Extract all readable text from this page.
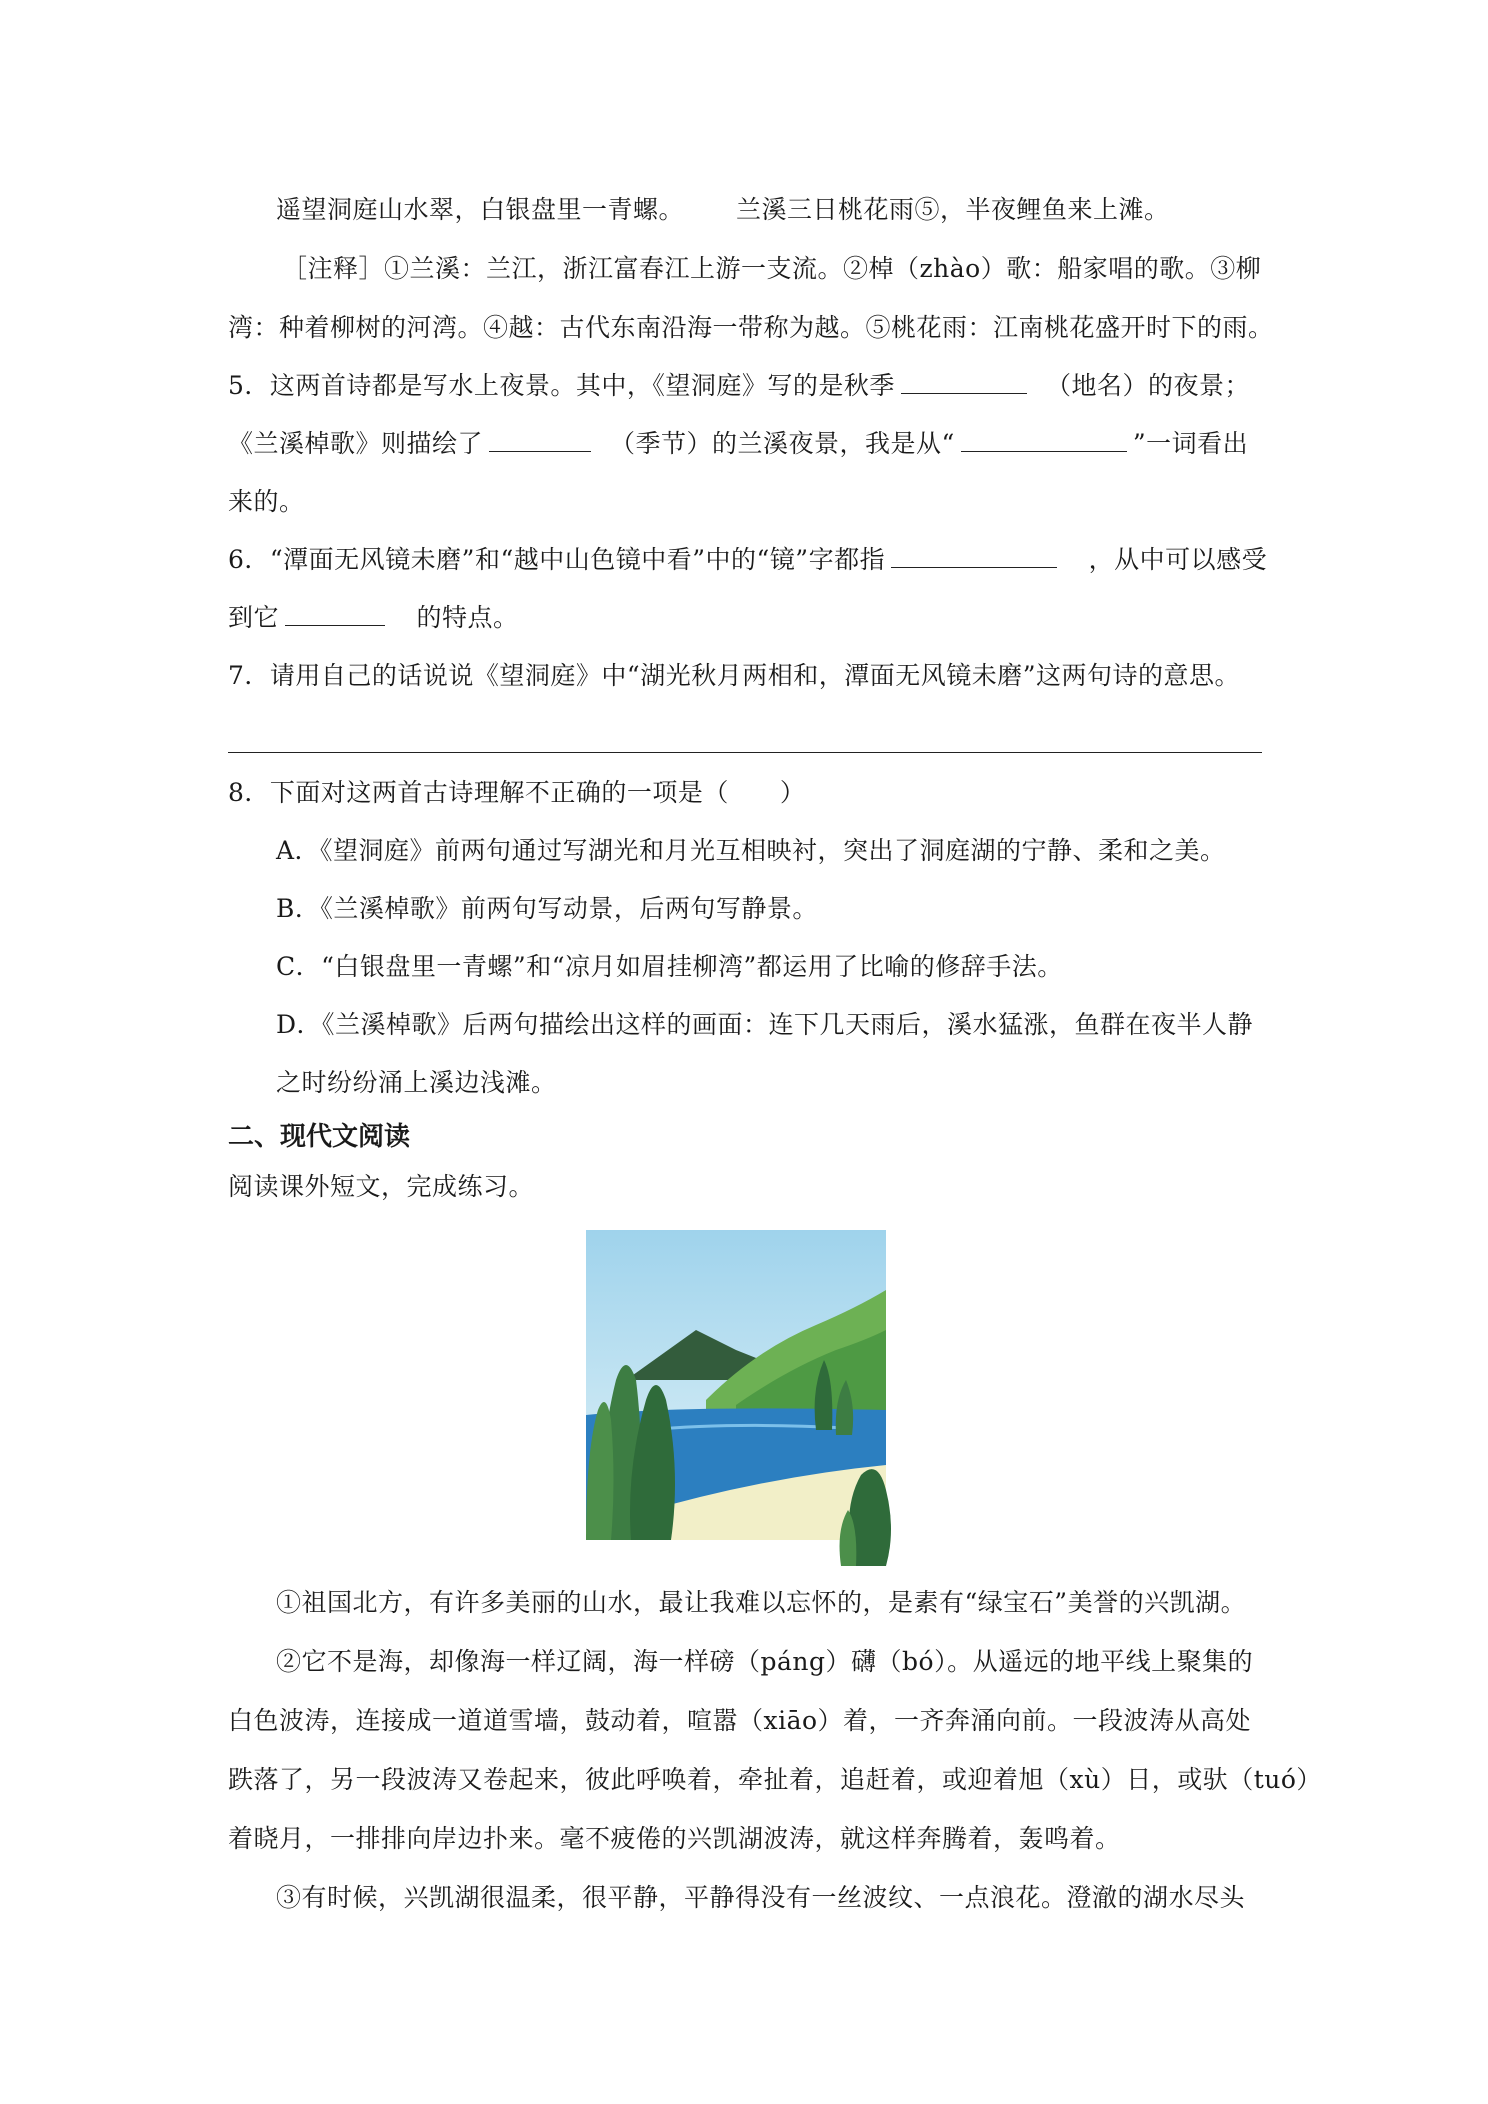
遥望洞庭山水翠，白银盘里一青螺。 兰溪三日桃花雨⑤，半夜鲤鱼来上滩。
［注释］①兰溪：兰江，浙江富春江上游一支流。②棹（zhào）歌：船家唱的歌。③柳
湾：种着柳树的河湾。④越：古代东南沿海一带称为越。⑤桃花雨：江南桃花盛开时下的雨。
5．这两首诗都是写水上夜景。其中，《望洞庭》写的是秋季　	（地名）的夜景；
《兰溪棹歌》则描绘了　	（季节）的兰溪夜景，我是从“	”一词看出
来的。
6．“潭面无风镜未磨”和“越中山色镜中看”中的“镜”字都指　	，从中可以感受
到它　	的特点。
7．请用自己的话说说《望洞庭》中“湖光秋月两相和，潭面无风镜未磨”这两句诗的意思。
8．下面对这两首古诗理解不正确的一项是（　　）
A．《望洞庭》前两句通过写湖光和月光互相映衬，突出了洞庭湖的宁静、柔和之美。
B．《兰溪棹歌》前两句写动景，后两句写静景。
C．“白银盘里一青螺”和“凉月如眉挂柳湾”都运用了比喻的修辞手法。
D．《兰溪棹歌》后两句描绘出这样的画面：连下几天雨后，溪水猛涨，鱼群在夜半人静
之时纷纷涌上溪边浅滩。
二、现代文阅读
阅读课外短文，完成练习。
①祖国北方，有许多美丽的山水，最让我难以忘怀的，是素有“绿宝石”美誉的兴凯湖。
②它不是海，却像海一样辽阔，海一样磅（páng）礴（bó）。从遥远的地平线上聚集的
白色波涛，连接成一道道雪墙，鼓动着，喧嚣（xiāo）着，一齐奔涌向前。一段波涛从高处
跌落了，另一段波涛又卷起来，彼此呼唤着，牵扯着，追赶着，或迎着旭（xù）日，或驮（tuó）
着晓月，一排排向岸边扑来。毫不疲倦的兴凯湖波涛，就这样奔腾着，轰鸣着。
③有时候，兴凯湖很温柔，很平静，平静得没有一丝波纹、一点浪花。澄澈的湖水尽头
